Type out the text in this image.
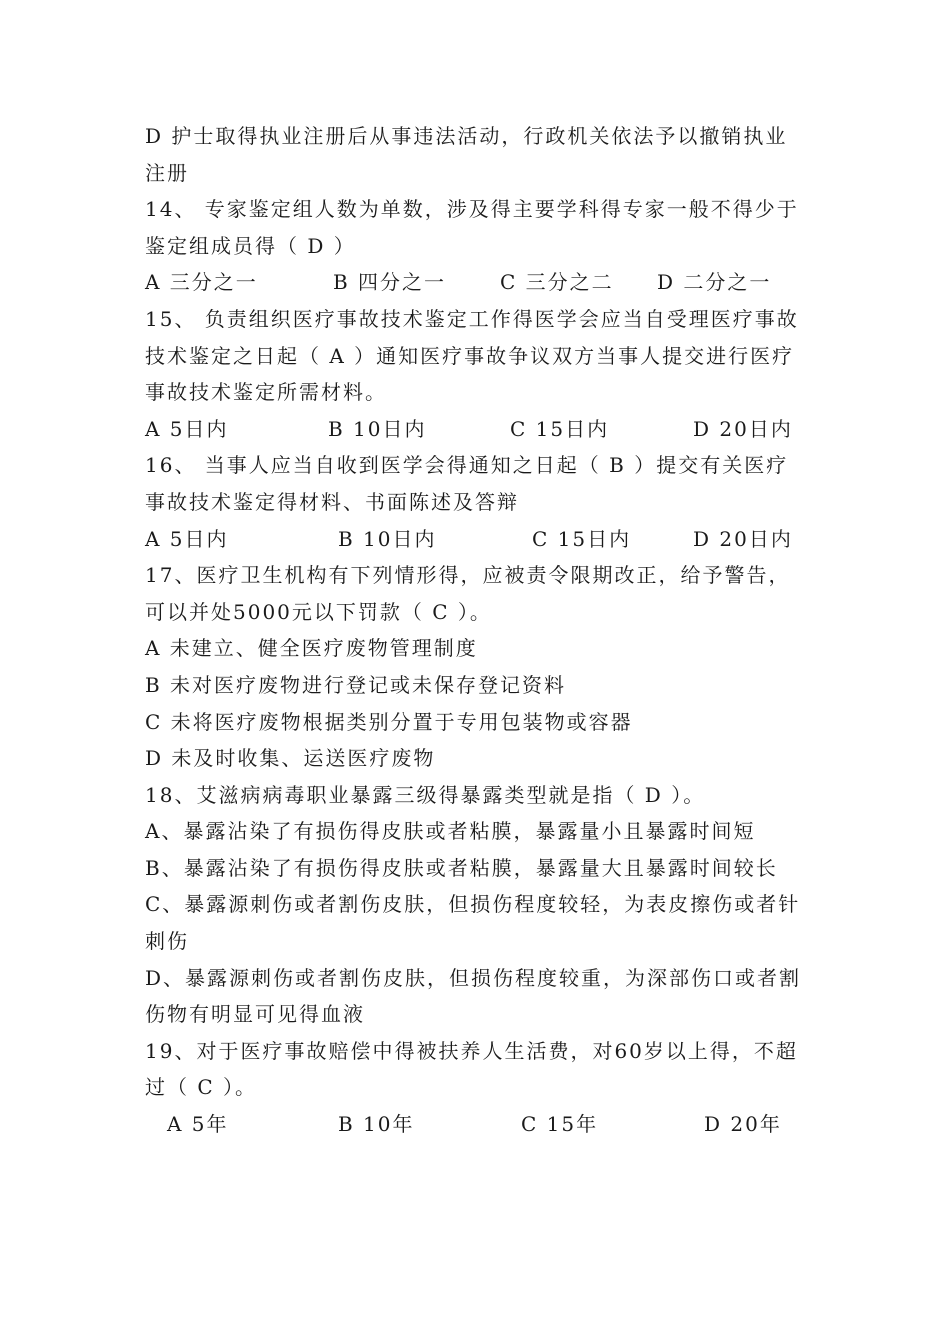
D 护士取得执业注册后从事违法活动，行政机关依法予以撤销执业
注册
14、 专家鉴定组人数为单数，涉及得主要学科得专家一般不得少于
鉴定组成员得（ D ）
A 三分之一	B 四分之一	C 三分之二 D 二分之一
15、 负责组织医疗事故技术鉴定工作得医学会应当自受理医疗事故
技术鉴定之日起（ A ）通知医疗事故争议双方当事人提交进行医疗
事故技术鉴定所需材料。
A 5日内	B 10日内	C 15日内	D 20日内
16、 当事人应当自收到医学会得通知之日起（ B ）提交有关医疗
事故技术鉴定得材料、书面陈述及答辩
A 5日内	B 10日内	C 15日内	D 20日内
17、医疗卫生机构有下列情形得，应被责令限期改正，给予警告，
可以并处5000元以下罚款（ C ）。
A 未建立、健全医疗废物管理制度
B 未对医疗废物进行登记或未保存登记资料
C 未将医疗废物根据类别分置于专用包装物或容器
D 未及时收集、运送医疗废物
18、艾滋病病毒职业暴露三级得暴露类型就是指（ D ）。
A、暴露沾染了有损伤得皮肤或者粘膜，暴露量小且暴露时间短
B、暴露沾染了有损伤得皮肤或者粘膜，暴露量大且暴露时间较长
C、暴露源刺伤或者割伤皮肤，但损伤程度较轻，为表皮擦伤或者针
刺伤
D、暴露源刺伤或者割伤皮肤，但损伤程度较重，为深部伤口或者割
伤物有明显可见得血液
19、对于医疗事故赔偿中得被扶养人生活费，对60岁以上得，不超
过（ C ）。
A 5年	B 10年	C 15年	D 20年
